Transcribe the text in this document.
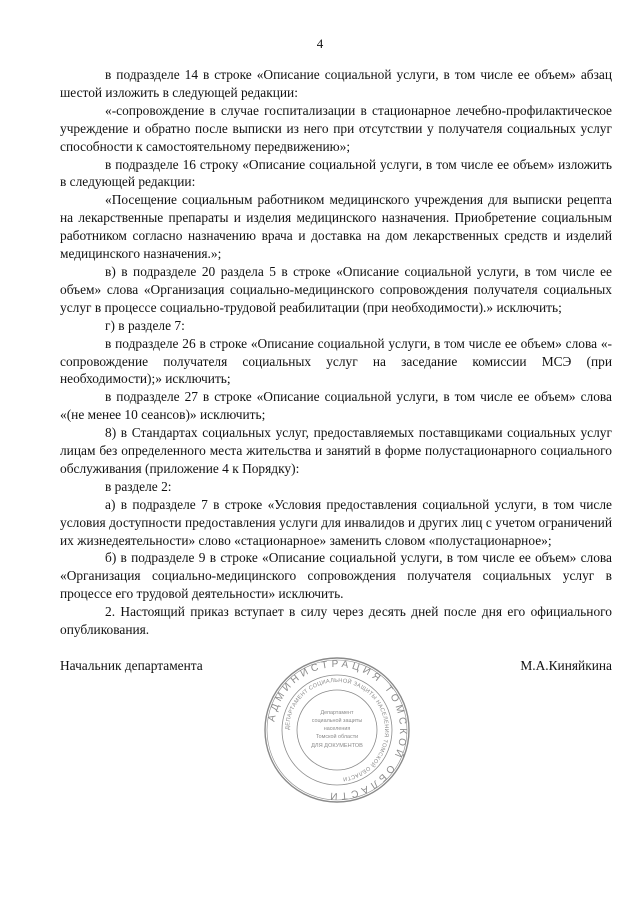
4

в подразделе 14 в строке «Описание социальной услуги, в том числе ее объем» абзац шестой изложить в следующей редакции:

«-сопровождение в случае госпитализации в стационарное лечебно-профилактическое учреждение и обратно после выписки из него при отсутствии у получателя социальных услуг способности к самостоятельному передвижению»;

в подразделе 16 строку «Описание социальной услуги, в том числе ее объем» изложить в следующей редакции:

«Посещение социальным работником медицинского учреждения для выписки рецепта на лекарственные препараты и изделия медицинского назначения. Приобретение социальным работником согласно назначению врача и доставка на дом лекарственных средств и изделий медицинского назначения.»;

в) в подразделе 20 раздела 5 в строке «Описание социальной услуги, в том числе ее объем» слова «Организация социально-медицинского сопровождения получателя социальных услуг в процессе социально-трудовой реабилитации (при необходимости).» исключить;

г) в разделе 7:

в подразделе 26 в строке «Описание социальной услуги, в том числе ее объем» слова «- сопровождение получателя социальных услуг на заседание комиссии МСЭ (при необходимости);» исключить;

в подразделе 27 в строке «Описание социальной услуги, в том числе ее объем» слова «(не менее 10 сеансов)» исключить;

8) в Стандартах социальных услуг, предоставляемых поставщиками социальных услуг лицам без определенного места жительства и занятий в форме полустационарного социального обслуживания (приложение 4 к Порядку):

в разделе 2:

а) в подразделе 7 в строке «Условия предоставления социальной услуги, в том числе условия доступности предоставления услуги для инвалидов и других лиц с учетом ограничений их жизнедеятельности» слово «стационарное» заменить словом «полустационарное»;

б) в подразделе 9 в строке «Описание социальной услуги, в том числе ее объем» слова «Организация социально-медицинского сопровождения получателя социальных услуг в процессе его трудовой деятельности» исключить.

2. Настоящий приказ вступает в силу через десять дней после дня его официального опубликования.

Начальник департамента	М.А.Киняйкина
АДМИНИСТРАЦИЯ ТОМСКОЙ ОБЛАСТИ
ДЕПАРТАМЕНТ СОЦИАЛЬНОЙ ЗАЩИТЫ НАСЕЛЕНИЯ ТОМСКОЙ ОБЛАСТИ
Департамент
социальной защиты
населения
Томской области
ДЛЯ ДОКУМЕНТОВ
